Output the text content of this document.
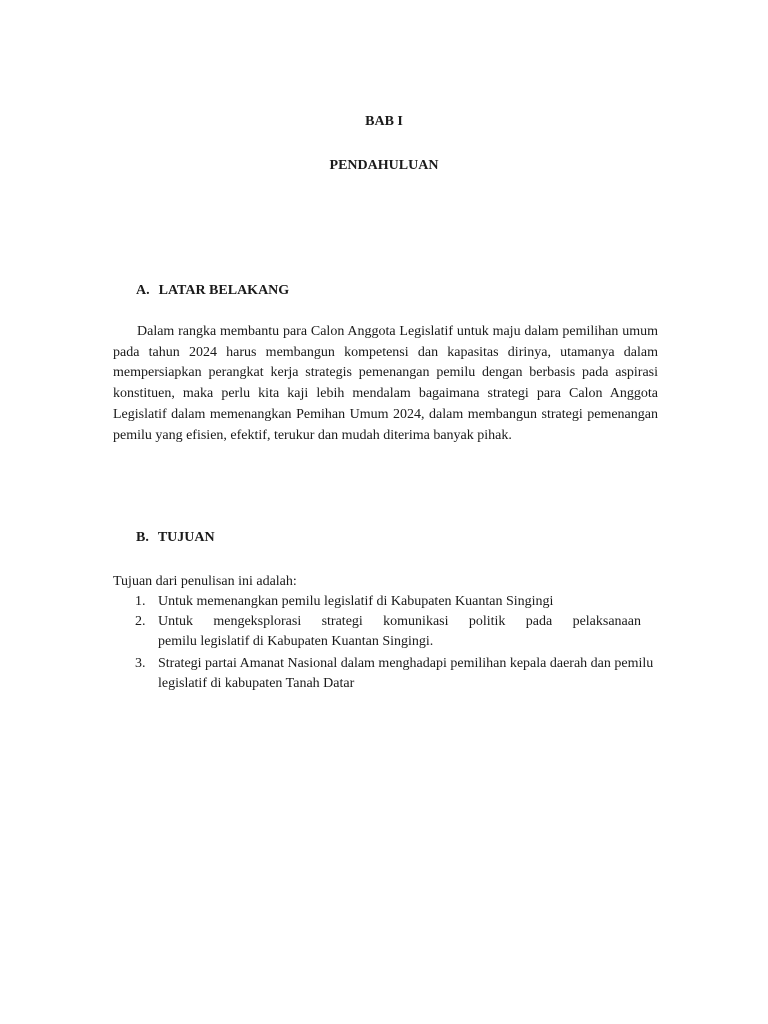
BAB I
PENDAHULUAN
A. LATAR BELAKANG

Dalam rangka membantu para Calon Anggota Legislatif untuk maju dalam pemilihan umum pada tahun 2024 harus membangun kompetensi dan kapasitas dirinya, utamanya dalam mempersiapkan perangkat kerja strategis pemenangan pemilu dengan berbasis pada aspirasi konstituen, maka perlu kita kaji lebih mendalam bagaimana strategi para Calon Anggota Legislatif dalam memenangkan Pemihan Umum 2024, dalam membangun strategi pemenangan pemilu yang efisien, efektif, terukur dan mudah diterima banyak pihak.

B. TUJUAN

Tujuan dari penulisan ini adalah:

1. Untuk memenangkan pemilu legislatif di Kabupaten Kuantan Singingi
2. Untuk mengeksplorasi strategi komunikasi politik pada pelaksanaan
pemilu legislatif di Kabupaten Kuantan Singingi.
3. Strategi partai Amanat Nasional dalam menghadapi pemilihan kepala daerah dan pemilu legislatif di kabupaten Tanah Datar
